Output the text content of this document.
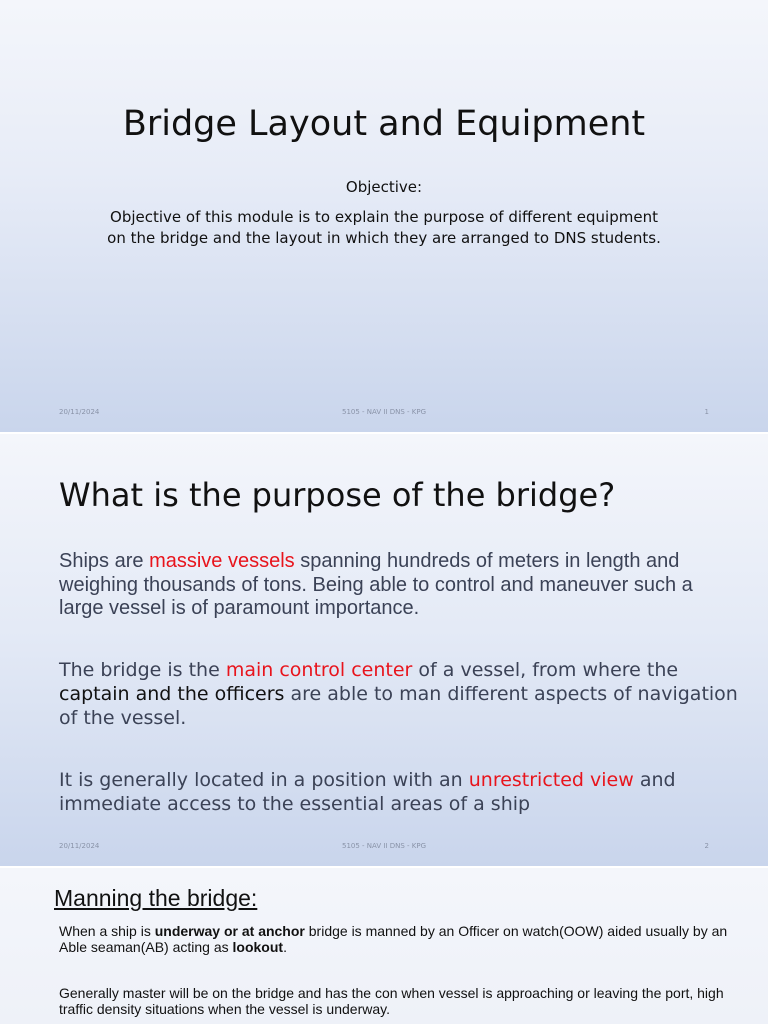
Bridge Layout and Equipment
Objective:
Objective of this module is to explain the purpose of different equipment on the bridge and the layout in which they are arranged to DNS students.
20/11/2024	5105 - NAV II DNS - KPG	1
What is the purpose of the bridge?
Ships are massive vessels spanning hundreds of meters in length and weighing thousands of tons. Being able to control and maneuver such a large vessel is of paramount importance.
The bridge is the main control center of a vessel, from where the captain and the officers are able to man different aspects of navigation of the vessel.
It is generally located in a position with an unrestricted view and immediate access to the essential areas of a ship
20/11/2024	5105 - NAV II DNS - KPG	2
Manning the bridge:
When a ship is underway or at anchor bridge is manned by an Officer on watch(OOW) aided usually by an Able seaman(AB) acting as lookout.
Generally master will be on the bridge and has the con when vessel is approaching or leaving the port, high traffic density situations when the vessel is underway.
